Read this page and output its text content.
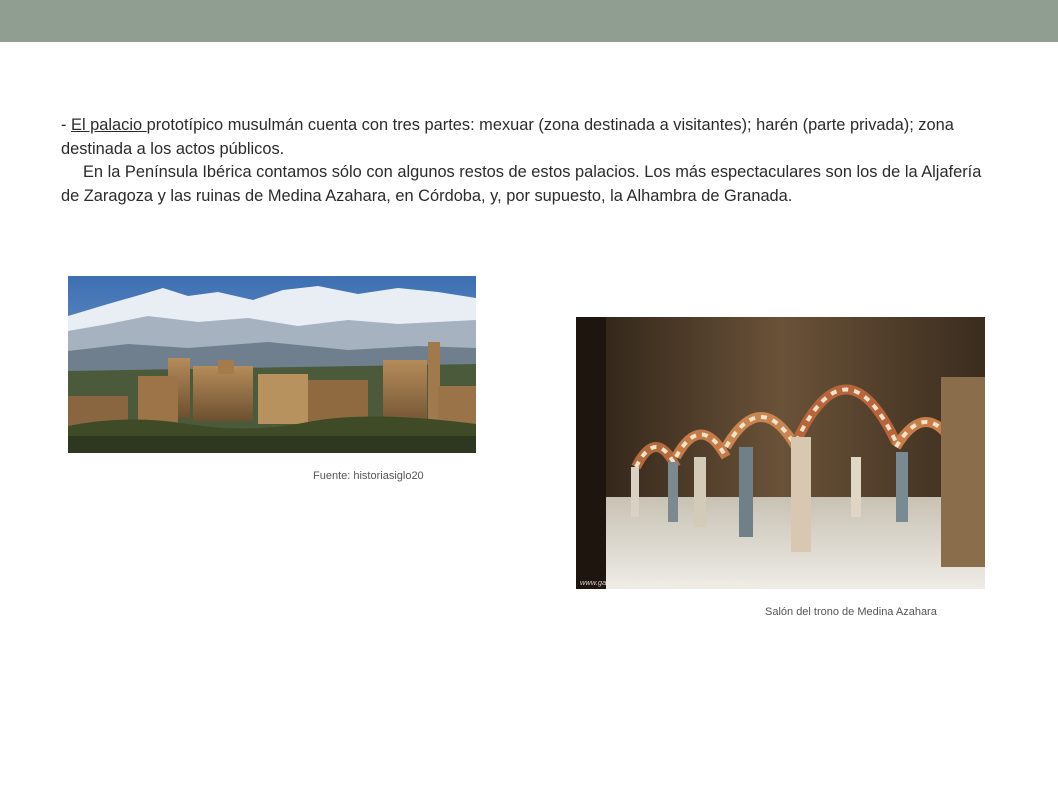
- El palacio prototípico musulmán cuenta con tres partes: mexuar (zona destinada a visitantes); harén (parte privada); zona destinada a los actos públicos.

En la Península Ibérica contamos sólo con algunos restos de estos palacios. Los más espectaculares son los de la Aljafería de Zaragoza y las ruinas de Medina Azahara, en Córdoba, y, por supuesto, la Alhambra de Granada.

Fuente: historiasiglo20
www.gaceta.es/.../medina1216649784580087384.jpg
Salón del trono de Medina Azahara
